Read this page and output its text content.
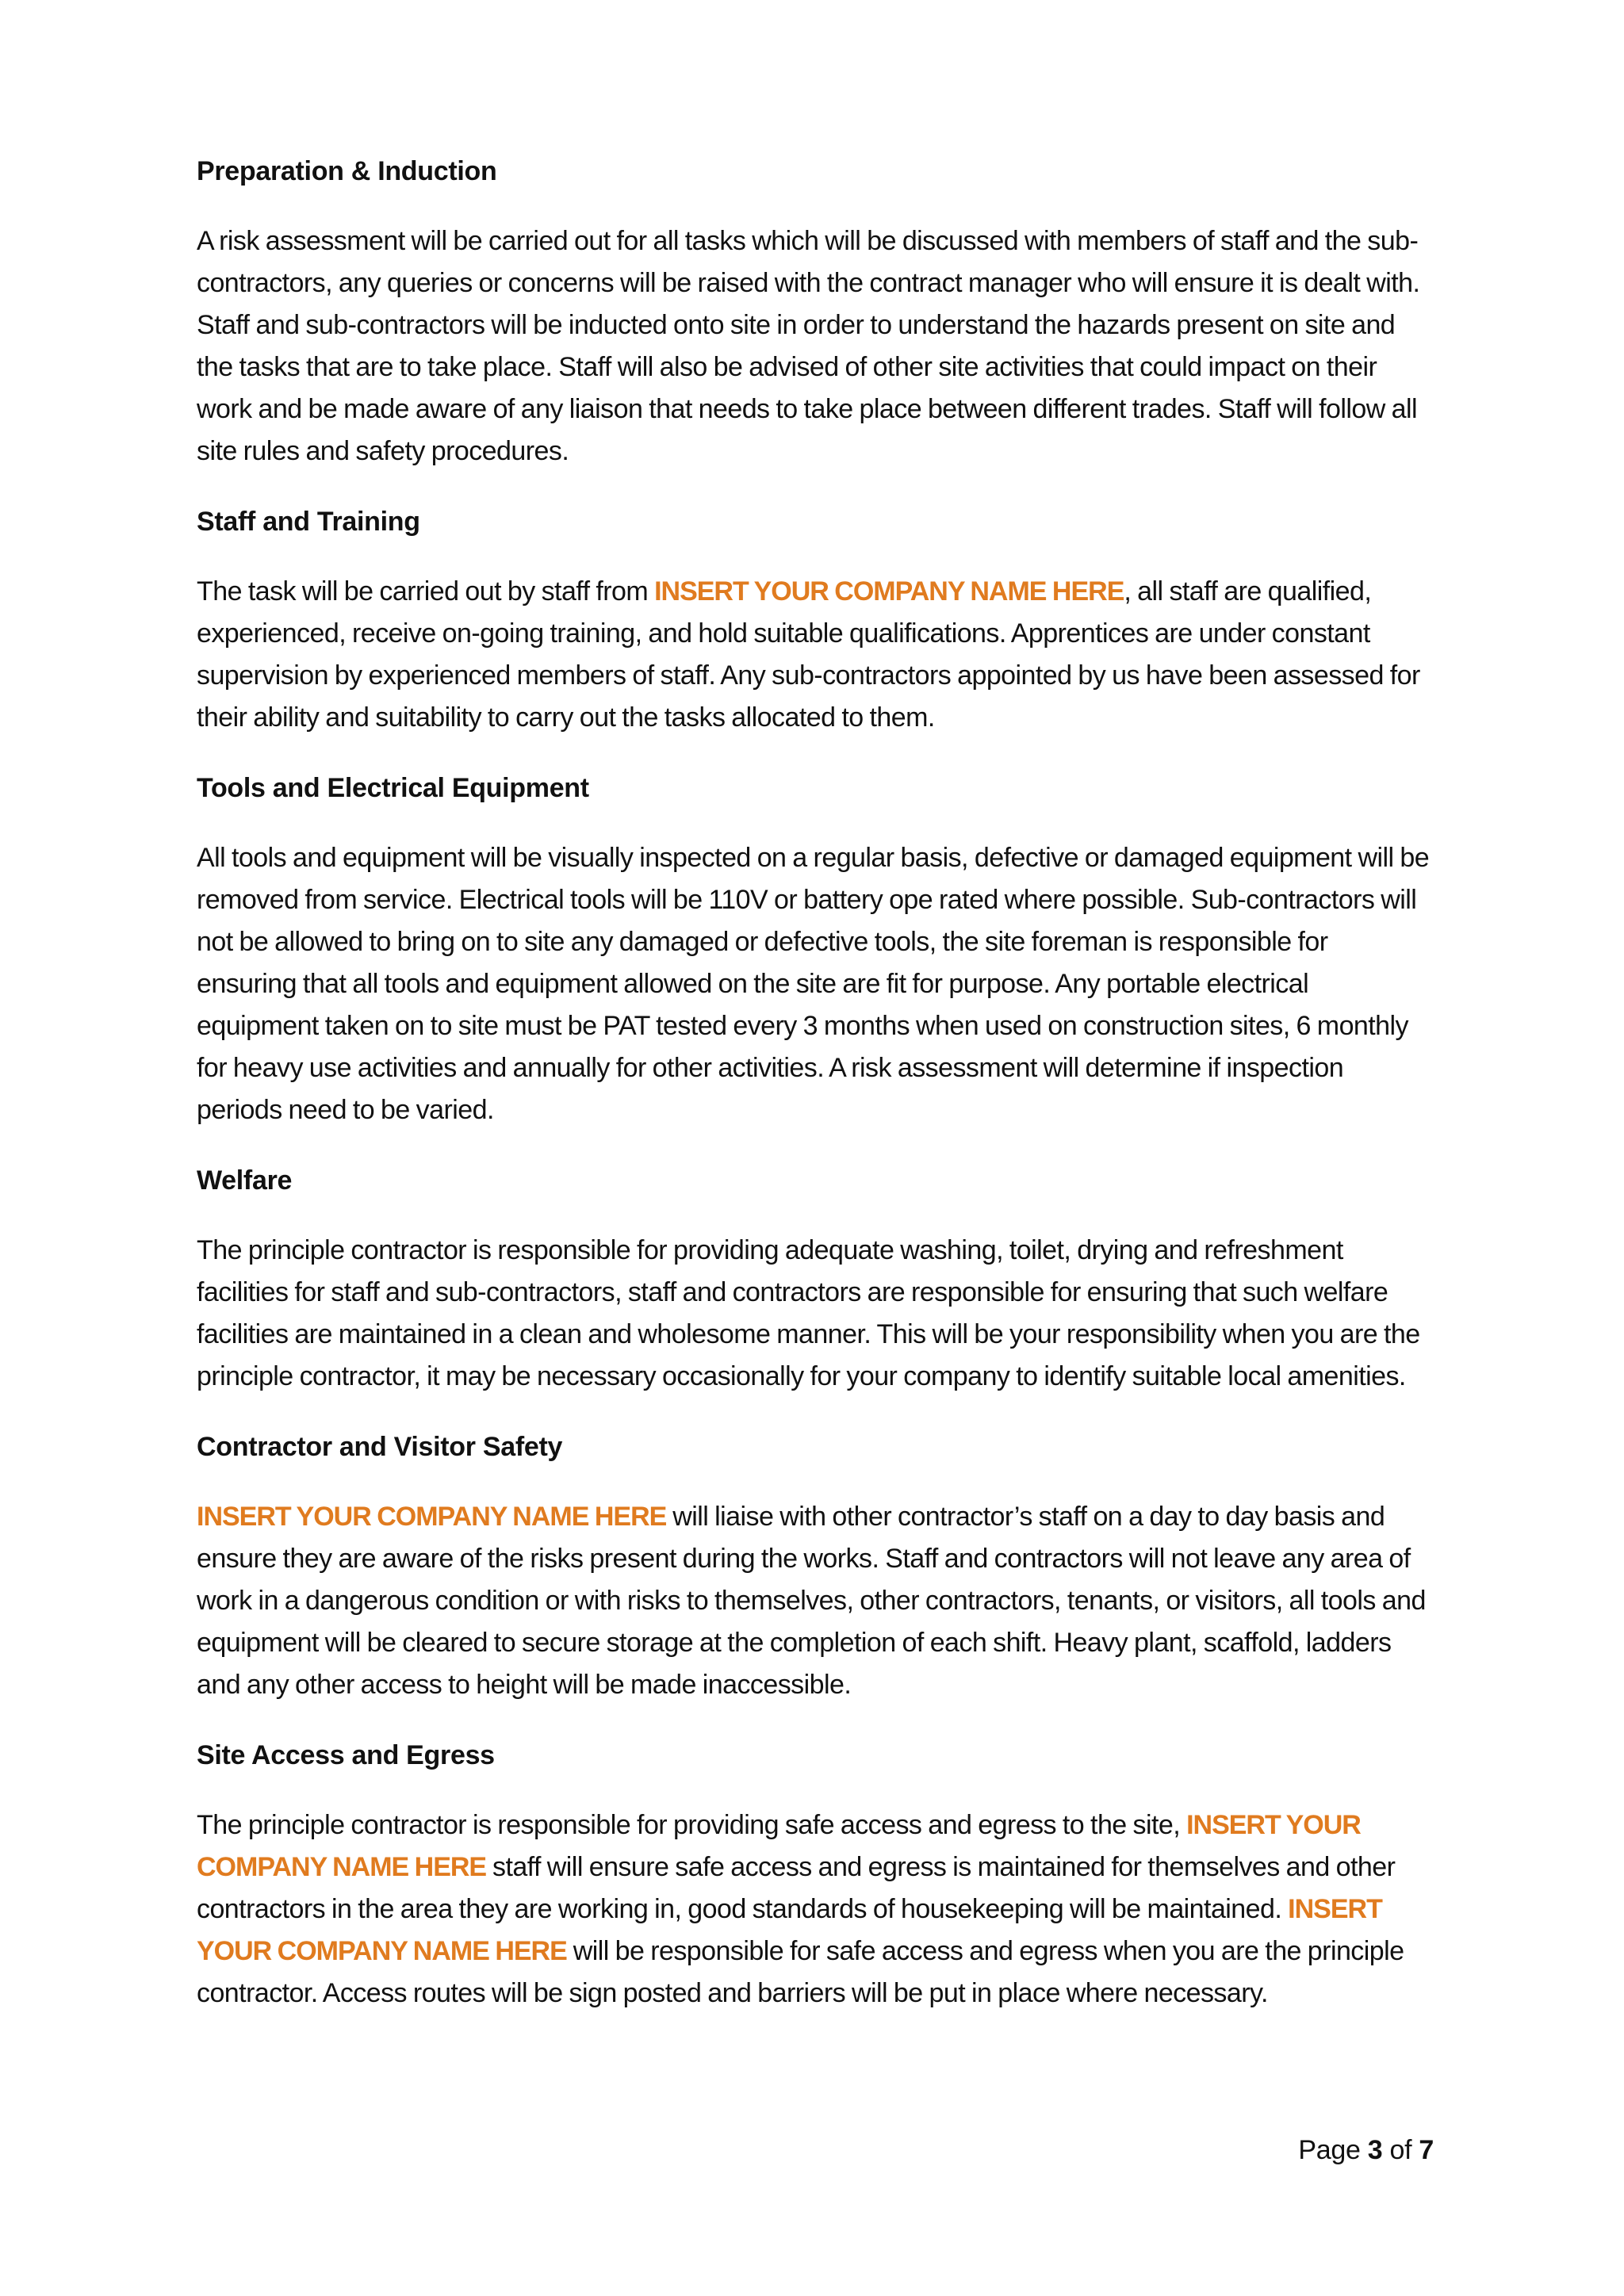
Preparation & Induction

A risk assessment will be carried out for all tasks which will be discussed with members of staff and the sub-contractors, any queries or concerns will be raised with the contract manager who will ensure it is dealt with. Staff and sub-contractors will be inducted onto site in order to understand the hazards present on site and the tasks that are to take place. Staff will also be advised of other site activities that could impact on their work and be made aware of any liaison that needs to take place between different trades. Staff will follow all site rules and safety procedures.

Staff and Training

The task will be carried out by staff from INSERT YOUR COMPANY NAME HERE, all staff are qualified, experienced, receive on-going training, and hold suitable qualifications. Apprentices are under constant supervision by experienced members of staff. Any sub-contractors appointed by us have been assessed for their ability and suitability to carry out the tasks allocated to them.

Tools and Electrical Equipment

All tools and equipment will be visually inspected on a regular basis, defective or damaged equipment will be removed from service. Electrical tools will be 110V or battery ope rated where possible. Sub-contractors will not be allowed to bring on to site any damaged or defective tools, the site foreman is responsible for ensuring that all tools and equipment allowed on the site are fit for purpose. Any portable electrical equipment taken on to site must be PAT tested every 3 months when used on construction sites, 6 monthly for heavy use activities and annually for other activities. A risk assessment will determine if inspection periods need to be varied.

Welfare

The principle contractor is responsible for providing adequate washing, toilet, drying and refreshment facilities for staff and sub-contractors, staff and contractors are responsible for ensuring that such welfare facilities are maintained in a clean and wholesome manner. This will be your responsibility when you are the principle contractor, it may be necessary occasionally for your company to identify suitable local amenities.

Contractor and Visitor Safety

INSERT YOUR COMPANY NAME HERE will liaise with other contractor’s staff on a day to day basis and ensure they are aware of the risks present during the works. Staff and contractors will not leave any area of work in a dangerous condition or with risks to themselves, other contractors, tenants, or visitors, all tools and equipment will be cleared to secure storage at the completion of each shift. Heavy plant, scaffold, ladders and any other access to height will be made inaccessible.

Site Access and Egress

The principle contractor is responsible for providing safe access and egress to the site, INSERT YOUR COMPANY NAME HERE staff will ensure safe access and egress is maintained for themselves and other contractors in the area they are working in, good standards of housekeeping will be maintained. INSERT YOUR COMPANY NAME HERE will be responsible for safe access and egress when you are the principle contractor. Access routes will be sign posted and barriers will be put in place where necessary.

Page 3 of 7
